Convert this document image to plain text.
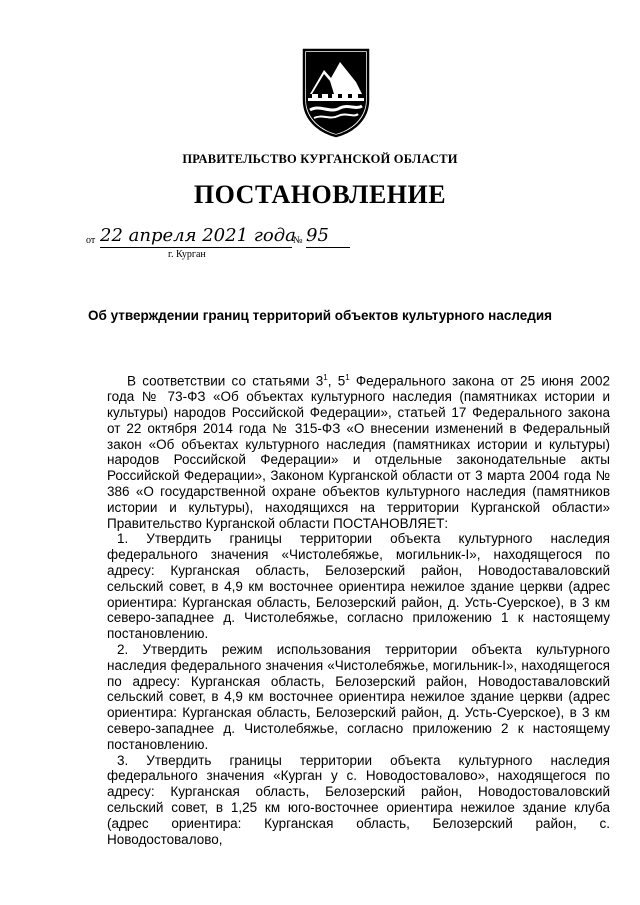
ПРАВИТЕЛЬСТВО КУРГАНСКОЙ ОБЛАСТИ
ПОСТАНОВЛЕНИЕ
от 22 апреля 2021 года
№ 95
г. Курган
Об утверждении границ территорий объектов культурного наследия

В соответствии со статьями $3^1$, $5^1$ Федерального закона от 25 июня 2002 года № 73-ФЗ «Об объектах культурного наследия (памятниках истории и культуры) народов Российской Федерации», статьей 17 Федерального закона от 22 октября 2014 года № 315-ФЗ «О внесении изменений в Федеральный закон «Об объектах культурного наследия (памятниках истории и культуры) народов Российской Федерации» и отдельные законодательные акты Российской Федерации», Законом Курганской области от 3 марта 2004 года № 386 «О государственной охране объектов культурного наследия (памятников истории и культуры), находящихся на территории Курганской области» Правительство Курганской области ПОСТАНОВЛЯЕТ:

1. Утвердить границы территории объекта культурного наследия федерального значения «Чистолебяжье, могильник-I», находящегося по адресу: Курганская область, Белозерский район, Новодоставаловский сельский совет, в 4,9 км восточнее ориентира нежилое здание церкви (адрес ориентира: Курганская область, Белозерский район, д. Усть-Суерское), в 3 км северо-западнее д. Чистолебяжье, согласно приложению 1 к настоящему постановлению.

2. Утвердить режим использования территории объекта культурного наследия федерального значения «Чистолебяжье, могильник-I», находящегося по адресу: Курганская область, Белозерский район, Новодоставаловский сельский совет, в 4,9 км восточнее ориентира нежилое здание церкви (адрес ориентира: Курганская область, Белозерский район, д. Усть-Суерское), в 3 км северо-западнее д. Чистолебяжье, согласно приложению 2 к настоящему постановлению.

3. Утвердить границы территории объекта культурного наследия федерального значения «Курган у с. Новодостовалово», находящегося по адресу: Курганская область, Белозерский район, Новодостоваловский сельский совет, в 1,25 км юго-восточнее ориентира нежилое здание клуба (адрес ориентира: Курганская область, Белозерский район, с. Новодостовалово,
